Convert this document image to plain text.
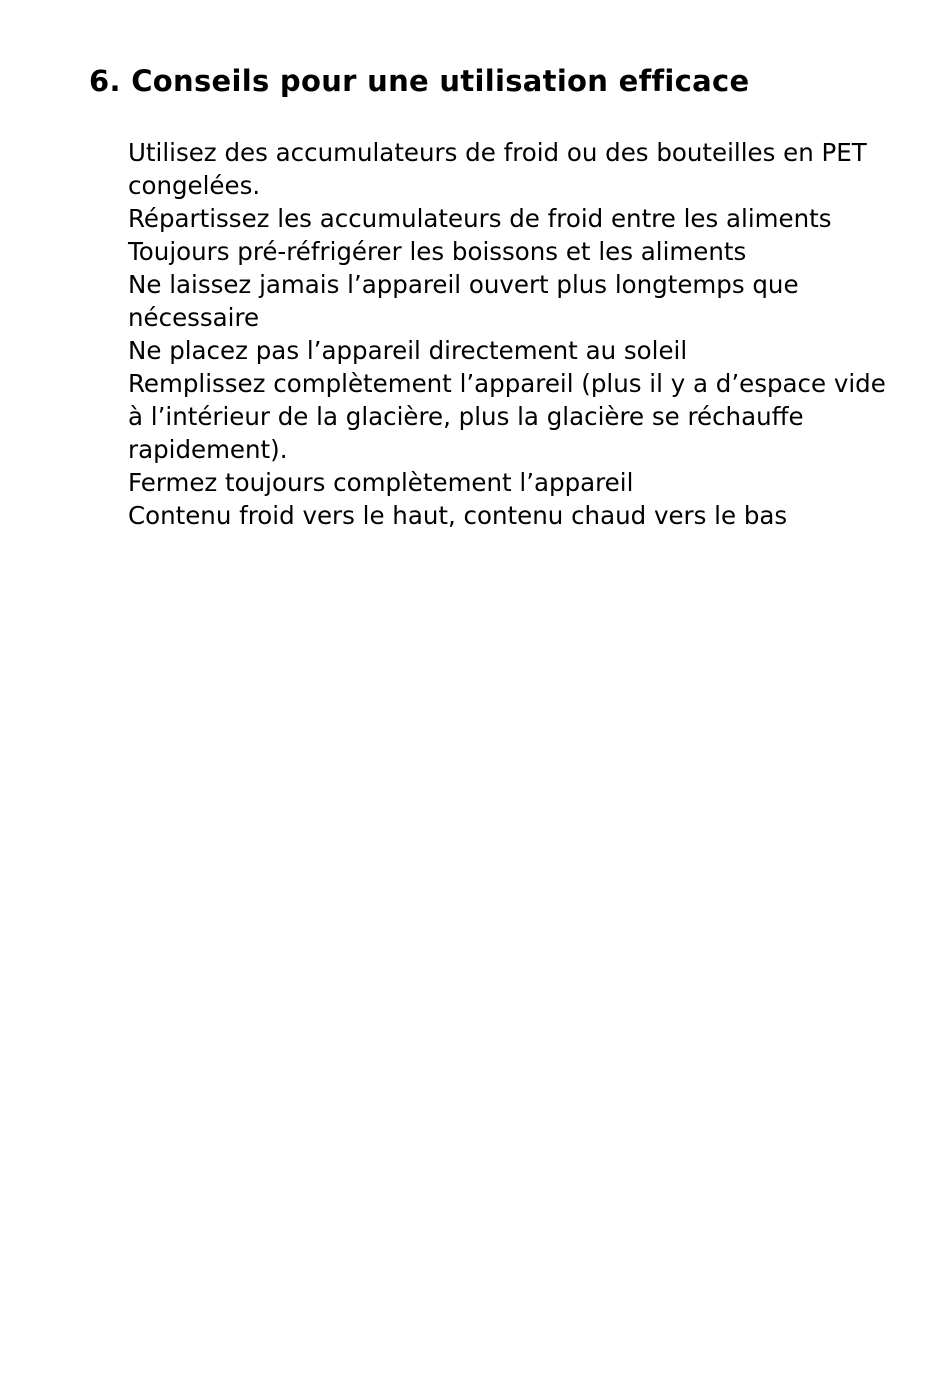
6. Conseils pour une utilisation efficace
Utilisez des accumulateurs de froid ou des bouteilles en PET congelées.
Répartissez les accumulateurs de froid entre les aliments
Toujours pré-réfrigérer les boissons et les aliments
Ne laissez jamais l’appareil ouvert plus longtemps que nécessaire
Ne placez pas l’appareil directement au soleil
Remplissez complètement l’appareil (plus il y a d’espace vide à l’intérieur de la glacière, plus la glacière se réchauffe rapidement).
Fermez toujours complètement l’appareil
Contenu froid vers le haut, contenu chaud vers le bas
